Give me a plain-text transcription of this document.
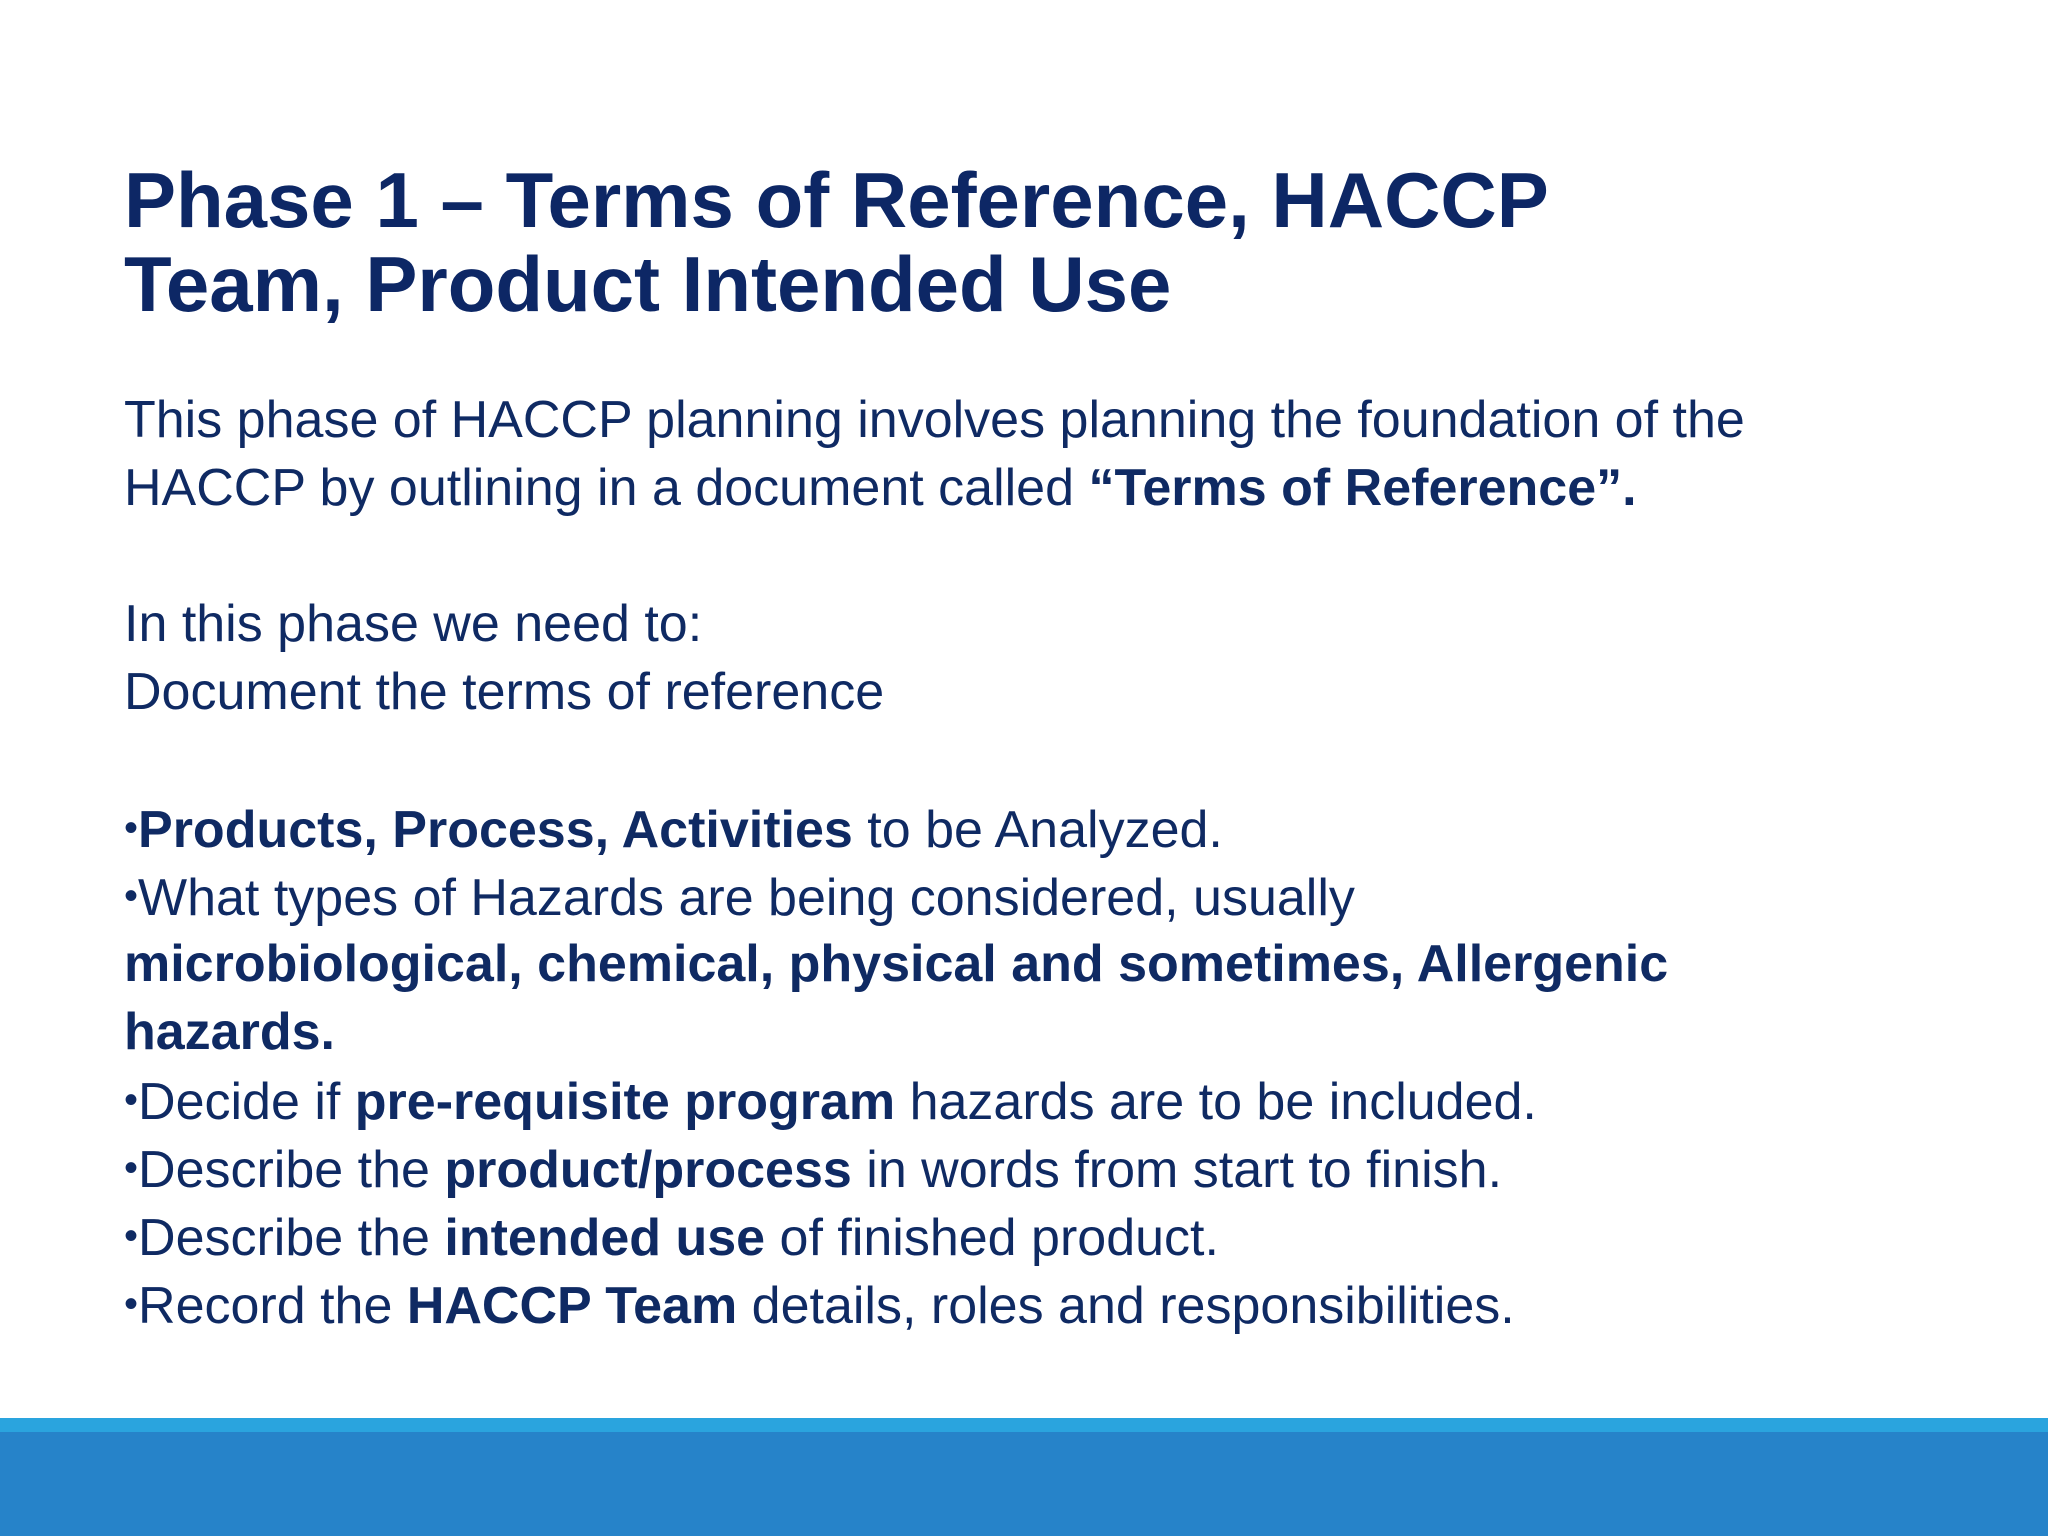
Phase 1 – Terms of Reference, HACCP
Team, Product Intended Use
This phase of HACCP planning involves planning the foundation of the
HACCP by outlining in a document called “Terms of Reference”.
In this phase we need to:
Document the terms of reference
•Products, Process, Activities to be Analyzed.
•What types of Hazards are being considered, usually
microbiological, chemical, physical and sometimes, Allergenic
hazards.
•Decide if pre-requisite program hazards are to be included.
•Describe the product/process in words from start to finish.
•Describe the intended use of finished product.
•Record the HACCP Team details, roles and responsibilities.
